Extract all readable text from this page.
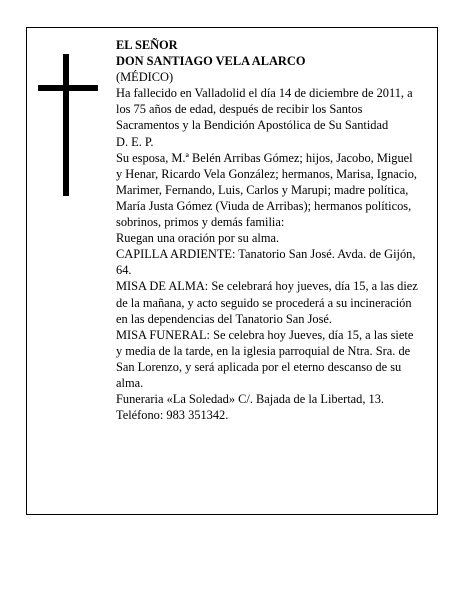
EL SEÑOR

DON SANTIAGO VELA ALARCO

(MÉDICO)

Ha fallecido en Valladolid el día 14 de diciembre de 2011, a los 75 años de edad, después de recibir los Santos Sacramentos y la Bendición Apostólica de Su Santidad

D. E. P.

Su esposa, M.ª Belén Arribas Gómez; hijos, Jacobo, Miguel y Henar, Ricardo Vela González; hermanos, Marisa, Ignacio, Marimer, Fernando, Luis, Carlos y Marupi; madre política, María Justa Gómez (Viuda de Arribas); hermanos políticos, sobrinos, primos y demás familia:

Ruegan una oración por su alma.

CAPILLA ARDIENTE: Tanatorio San José. Avda. de Gijón, 64.

MISA DE ALMA: Se celebrará hoy jueves, día 15, a las diez de la mañana, y acto seguido se procederá a su incineración en las dependencias del Tanatorio San José.

MISA FUNERAL: Se celebra hoy Jueves, día 15, a las siete y media de la tarde, en la iglesia parroquial de Ntra. Sra. de San Lorenzo, y será aplicada por el eterno descanso de su alma.

Funeraria «La Soledad» C/. Bajada de la Libertad, 13. Teléfono: 983 351342.
